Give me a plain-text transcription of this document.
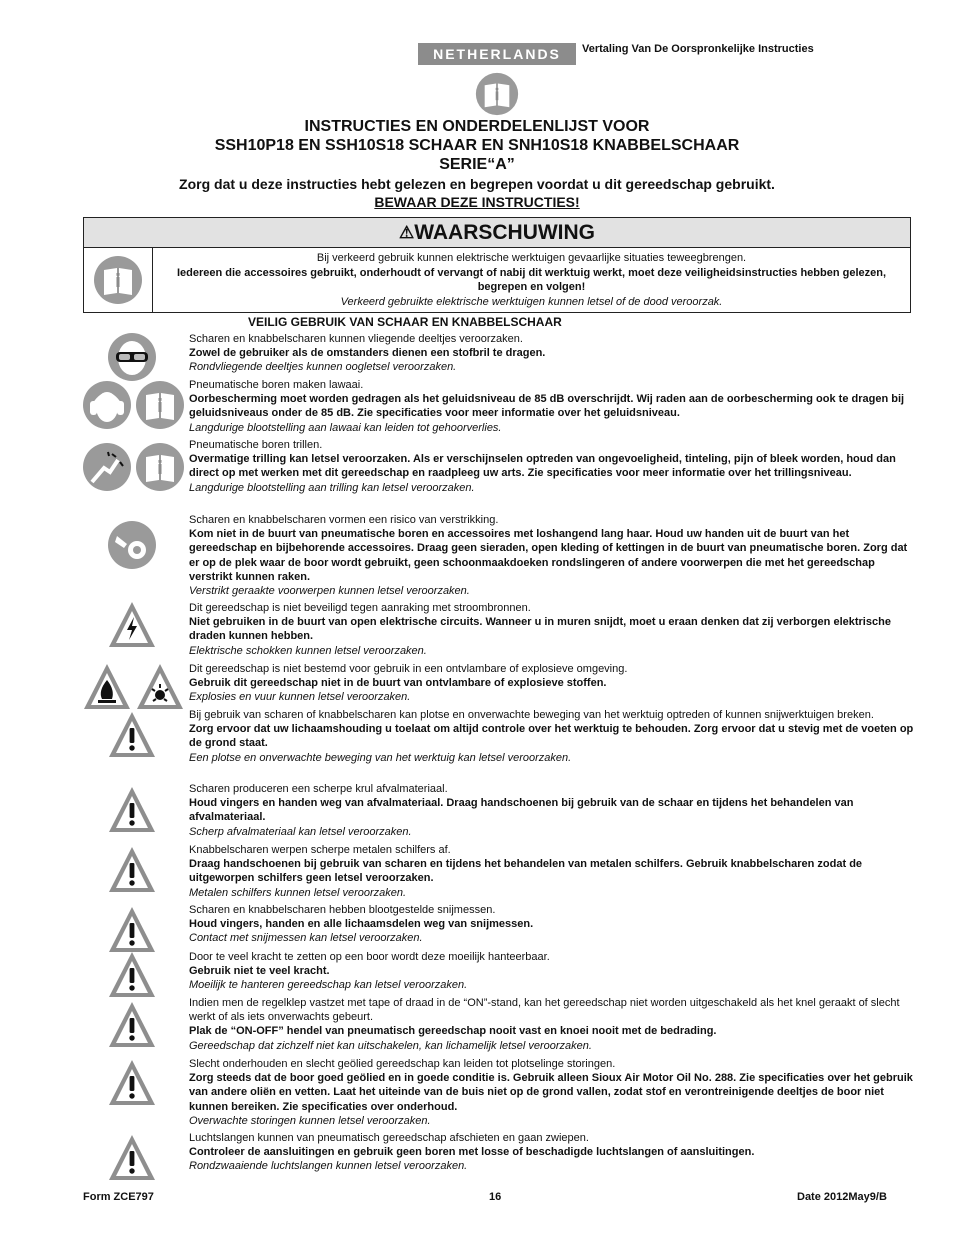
NETHERLANDS	Vertaling Van De Oorspronkelijke Instructies
INSTRUCTIES EN ONDERDELENLIJST VOOR
SSH10P18 EN SSH10S18 SCHAAR EN SNH10S18 KNABBELSCHAAR
SERIE“A”
Zorg dat u deze instructies hebt gelezen en begrepen voordat u dit gereedschap gebruikt.
BEWAAR DEZE INSTRUCTIES!
⚠WAARSCHUWING
Bij verkeerd gebruik kunnen elektrische werktuigen gevaarlijke situaties teweegbrengen.
Iedereen die accessoires gebruikt, onderhoudt of vervangt of nabij dit werktuig werkt, moet deze veiligheidsinstructies hebben gelezen, begrepen en volgen!
Verkeerd gebruikte elektrische werktuigen kunnen letsel of de dood veroorzak.
VEILIG GEBRUIK VAN SCHAAR EN KNABBELSCHAAR
Scharen en knabbelscharen kunnen vliegende deeltjes veroorzaken.
Zowel de gebruiker als de omstanders dienen een stofbril te dragen.
Rondvliegende deeltjes kunnen oogletsel veroorzaken.
Pneumatische boren maken lawaai.
Oorbescherming moet worden gedragen als het geluidsniveau de 85 dB overschrijdt. Wij raden aan de oorbescherming ook te dragen bij geluidsniveaus onder de 85 dB. Zie specificaties voor meer informatie over het geluidsniveau.
Langdurige blootstelling aan lawaai kan leiden tot gehoorverlies.
Pneumatische boren trillen.
Overmatige trilling kan letsel veroorzaken. Als er verschijnselen optreden van ongevoeligheid, tinteling, pijn of bleek worden, houd dan direct op met werken met dit gereedschap en raadpleeg uw arts. Zie specificaties voor meer informatie over het trillingsniveau.
Langdurige blootstelling aan trilling kan letsel veroorzaken.
Scharen en knabbelscharen vormen een risico van verstrikking.
Kom niet in de buurt van pneumatische boren en accessoires met loshangend lang haar. Houd uw handen uit de buurt van het gereedschap en bijbehorende accessoires. Draag geen sieraden, open kleding of kettingen in de buurt van pneumatische boren. Zorg dat er op de plek waar de boor wordt gebruikt, geen schoonmaakdoeken rondslingeren of andere voorwerpen die met het gereedschap verstrikt kunnen raken.
Verstrikt geraakte voorwerpen kunnen letsel veroorzaken.
Dit gereedschap is niet beveiligd tegen aanraking met stroombronnen.
Niet gebruiken in de buurt van open elektrische circuits. Wanneer u in muren snijdt, moet u eraan denken dat zij verborgen elektrische draden kunnen hebben.
Elektrische schokken kunnen letsel veroorzaken.
Dit gereedschap is niet bestemd voor gebruik in een ontvlambare of explosieve omgeving.
Gebruik dit gereedschap niet in de buurt van ontvlambare of explosieve stoffen.
Explosies en vuur kunnen letsel veroorzaken.
Bij gebruik van scharen of knabbelscharen kan plotse en onverwachte beweging van het werktuig optreden of kunnen snijwerktuigen breken.
Zorg ervoor dat uw lichaamshouding u toelaat om altijd controle over het werktuig te behouden. Zorg ervoor dat u stevig met de voeten op de grond staat.
Een plotse en onverwachte beweging van het werktuig kan letsel veroorzaken.
Scharen produceren een scherpe krul afvalmateriaal.
Houd vingers en handen weg van afvalmateriaal. Draag handschoenen bij gebruik van de schaar en tijdens het behandelen van afvalmateriaal.
Scherp afvalmateriaal kan letsel veroorzaken.
Knabbelscharen werpen scherpe metalen schilfers af.
Draag handschoenen bij gebruik van scharen en tijdens het behandelen van metalen schilfers. Gebruik knabbelscharen zodat de uitgeworpen schilfers geen letsel veroorzaken.
Metalen schilfers kunnen letsel veroorzaken.
Scharen en knabbelscharen hebben blootgestelde snijmessen.
Houd vingers, handen en alle lichaamsdelen weg van snijmessen.
Contact met snijmessen kan letsel veroorzaken.
Door te veel kracht te zetten op een boor wordt deze moeilijk hanteerbaar.
Gebruik niet te veel kracht.
Moeilijk te hanteren gereedschap kan letsel veroorzaken.
Indien men de regelklep vastzet met tape of draad in de “ON”-stand, kan het gereedschap niet worden uitgeschakeld als het knel geraakt of slecht werkt of als iets onverwachts gebeurt.
Plak de “ON-OFF” hendel van pneumatisch gereedschap nooit vast en knoei nooit met de bedrading.
Gereedschap dat zichzelf niet kan uitschakelen, kan lichamelijk letsel veroorzaken.
Slecht onderhouden en slecht geölied gereedschap kan leiden tot plotselinge storingen.
Zorg steeds dat de boor goed geölied en in goede conditie is. Gebruik alleen Sioux Air Motor Oil No. 288. Zie specificaties over het gebruik van andere oliën en vetten. Laat het uiteinde van de buis niet op de grond vallen, zodat stof en verontreinigende deeltjes de boor niet kunnen bereiken. Zie specificaties over onderhoud.
Overwachte storingen kunnen letsel veroorzaken.
Luchtslangen kunnen van pneumatisch gereedschap afschieten en gaan zwiepen.
Controleer de aansluitingen en gebruik geen boren met losse of beschadigde luchtslangen of aansluitingen.
Rondzwaaiende luchtslangen kunnen letsel veroorzaken.
Form ZCE797	16	Date 2012May9/B
